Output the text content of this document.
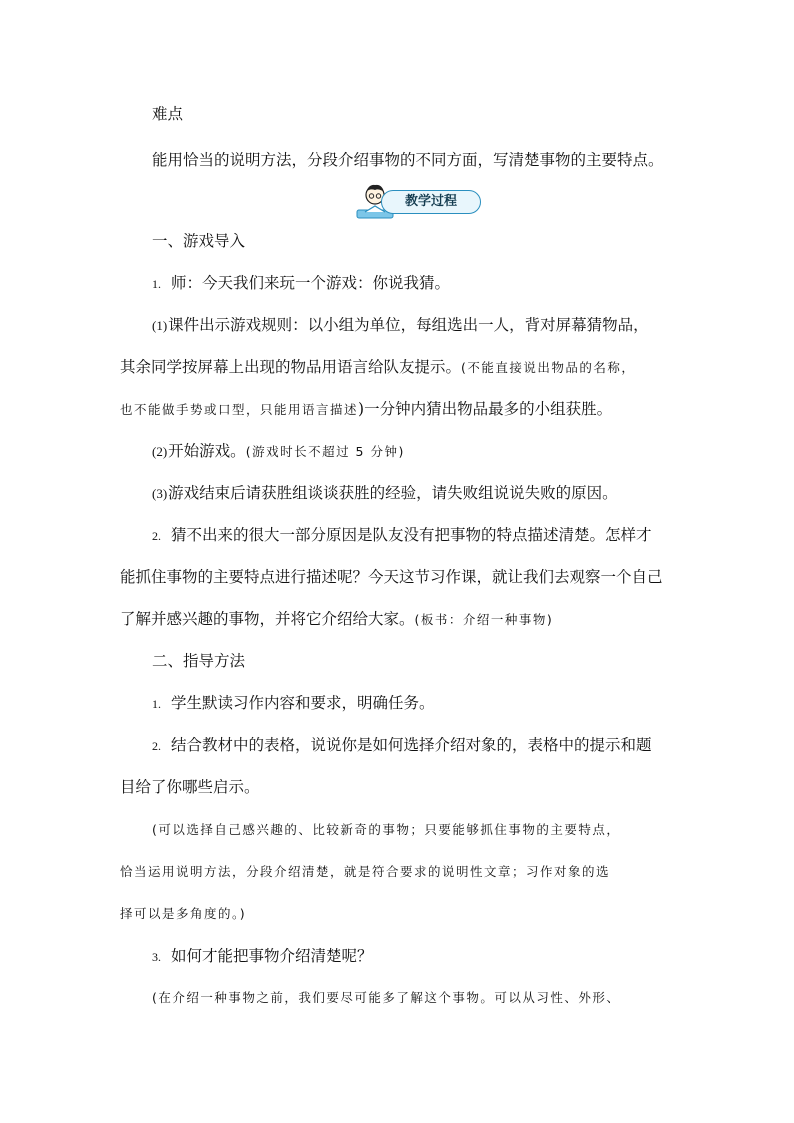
难点
能用恰当的说明方法，分段介绍事物的不同方面，写清楚事物的主要特点。
教学过程
一、游戏导入
1. 师：今天我们来玩一个游戏：你说我猜。
(1)课件出示游戏规则：以小组为单位，每组选出一人，背对屏幕猜物品，
其余同学按屏幕上出现的物品用语言给队友提示。(不能直接说出物品的名称，
也不能做手势或口型，只能用语言描述)一分钟内猜出物品最多的小组获胜。
(2)开始游戏。(游戏时长不超过 5 分钟)
(3)游戏结束后请获胜组谈谈获胜的经验，请失败组说说失败的原因。
2. 猜不出来的很大一部分原因是队友没有把事物的特点描述清楚。怎样才
能抓住事物的主要特点进行描述呢？今天这节习作课，就让我们去观察一个自己
了解并感兴趣的事物，并将它介绍给大家。(板书：介绍一种事物)
二、指导方法
1. 学生默读习作内容和要求，明确任务。
2. 结合教材中的表格，说说你是如何选择介绍对象的，表格中的提示和题
目给了你哪些启示。
(可以选择自己感兴趣的、比较新奇的事物；只要能够抓住事物的主要特点，
恰当运用说明方法，分段介绍清楚，就是符合要求的说明性文章；习作对象的选
择可以是多角度的。)
3. 如何才能把事物介绍清楚呢？
(在介绍一种事物之前，我们要尽可能多了解这个事物。可以从习性、外形、
